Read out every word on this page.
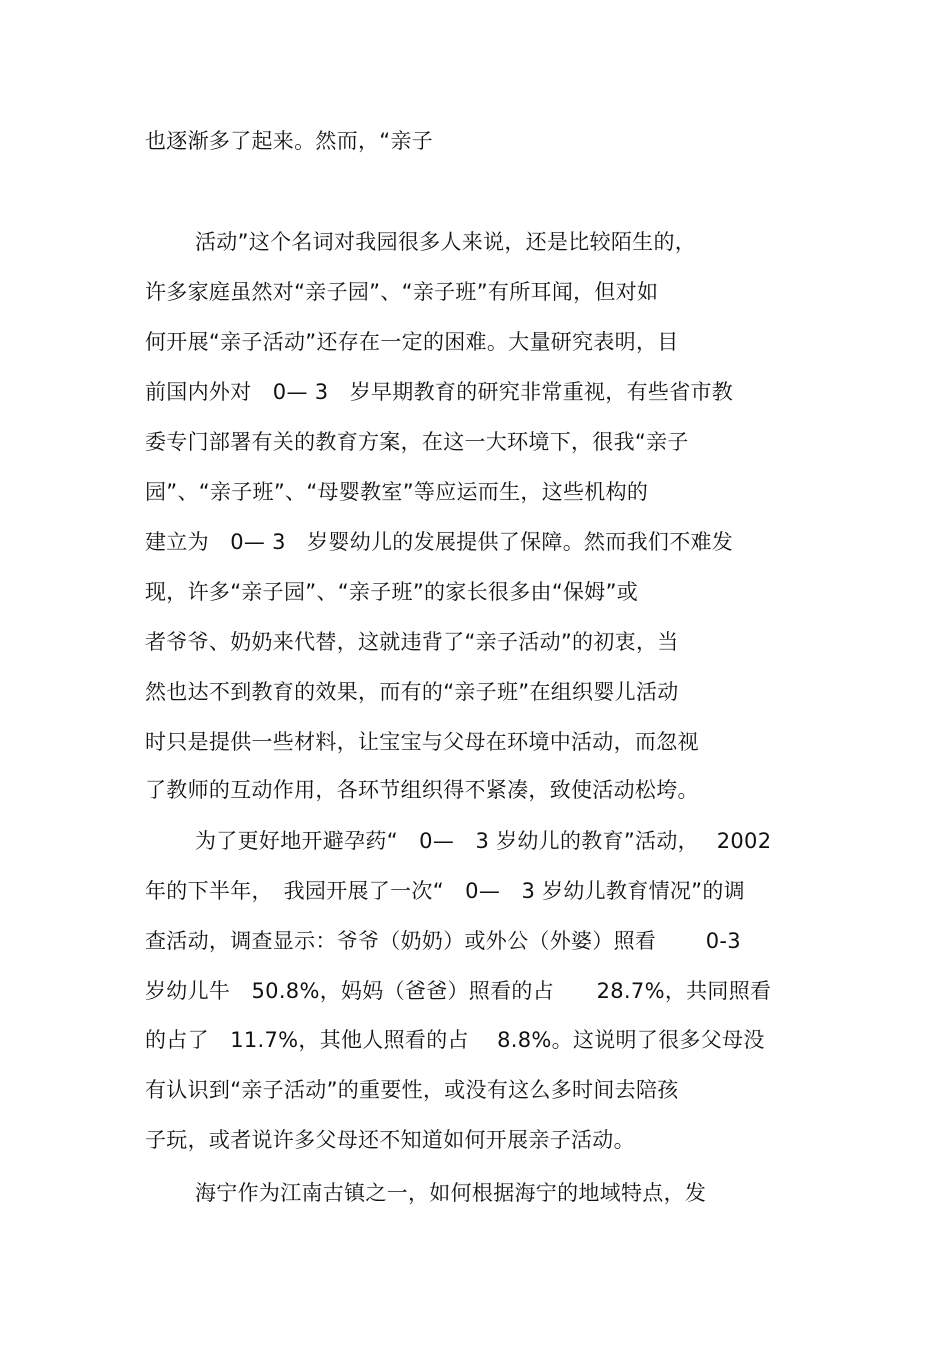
也逐渐多了起来。然而，“亲子
活动”这个名词对我园很多人来说，还是比较陌生的，
许多家庭虽然对“亲子园”、“亲子班”有所耳闻，但对如
何开展“亲子活动”还存在一定的困难。大量研究表明，目
前国内外对　0— 3　岁早期教育的研究非常重视，有些省市教
委专门部署有关的教育方案，在这一大环境下，很我“亲子
园”、“亲子班”、“母婴教室”等应运而生，这些机构的
建立为　0— 3　岁婴幼儿的发展提供了保障。然而我们不难发
现，许多“亲子园”、“亲子班”的家长很多由“保姆”或
者爷爷、奶奶来代替，这就违背了“亲子活动”的初衷，当
然也达不到教育的效果，而有的“亲子班”在组织婴儿活动
时只是提供一些材料，让宝宝与父母在环境中活动，而忽视
了教师的互动作用，各环节组织得不紧凑，致使活动松垮。
为了更好地开避孕药“　0—　3 岁幼儿的教育”活动，　 2002
年的下半年，　我园开展了一次“　0—　3 岁幼儿教育情况”的调
查活动，调查显示：爷爷（奶奶）或外公（外婆）照看　　 0-3
岁幼儿牛　50.8%，妈妈（爸爸）照看的占　　28.7%，共同照看
的占了　11.7%，其他人照看的占　 8.8%。这说明了很多父母没
有认识到“亲子活动”的重要性，或没有这么多时间去陪孩
子玩，或者说许多父母还不知道如何开展亲子活动。
海宁作为江南古镇之一，如何根据海宁的地域特点，发
